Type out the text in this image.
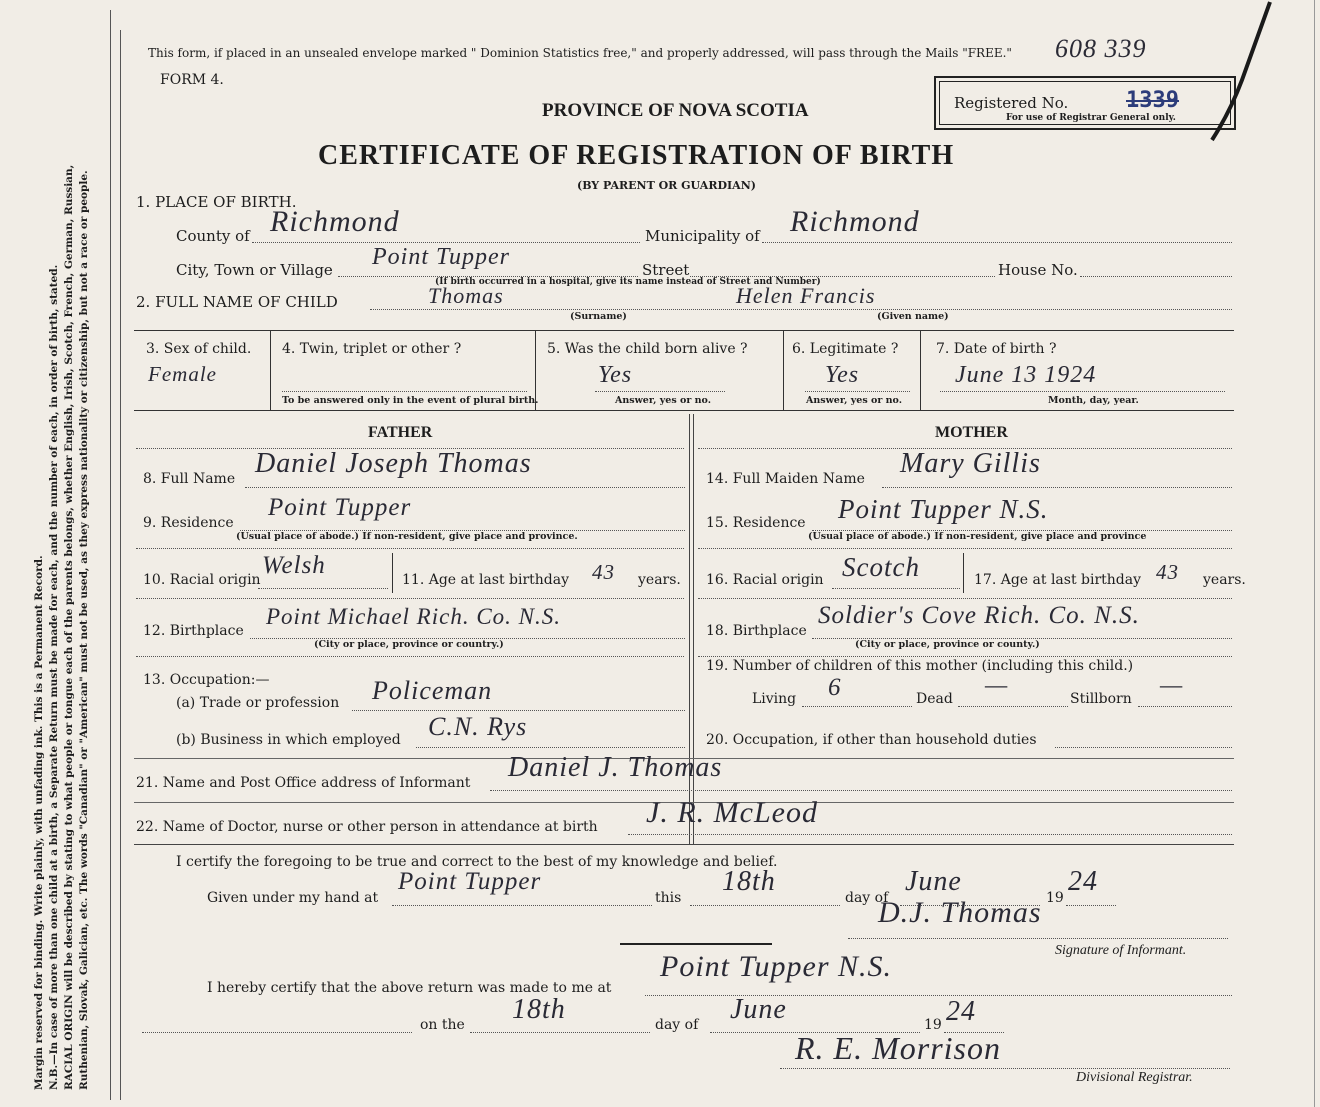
Margin reserved for binding. Write plainly, with unfading ink. This is a Permanent Record. N.B.—In case of more than one child at a birth, a Separate Return must be made for each, and the number of each, in order of birth, stated. RACIAL ORIGIN will be described by stating to what people or tongue each of the parents belongs, whether English, Irish, Scotch, French, German, Russian, Ruthenian, Slovak, Galician, etc. The words "Canadian" or "American" must not be used, as they express nationality or citizenship, but not a race or people.
This form, if placed in an unsealed envelope marked " Dominion Statistics free," and properly addressed, will pass through the Mails "FREE." 608 339
FORM 4.
Registered No.	1339
For use of Registrar General only.
PROVINCE OF NOVA SCOTIA
CERTIFICATE OF REGISTRATION OF BIRTH
(BY PARENT OR GUARDIAN)
1. PLACE OF BIRTH.
County of Richmond	Municipality of Richmond
City, Town or Village Point Tupper	Street	House No.
(If birth occurred in a hospital, give its name instead of Street and Number)
2. FULL NAME OF CHILD	Thomas	Helen Francis
(Surname)	(Given name)
3. Sex of child.
Female
4. Twin, triplet or other ?
To be answered only in the event of plural birth.
5. Was the child born alive ?
Yes
Answer, yes or no.
6. Legitimate ?
Yes
Answer, yes or no.
7. Date of birth ?
June 13 1924
Month, day, year.
FATHER	MOTHER
8. Full Name Daniel Joseph Thomas
9. Residence
Point Tupper
(Usual place of abode.) If non-resident, give place and province.
10. Racial origin
Welsh
11. Age at last birthday 43 years.
12. Birthplace
Point Michael Rich. Co. N.S.
(City or place, province or country.)
13. Occupation:—
(a) Trade or profession Policeman
(b) Business in which employed C.N. Rys
14. Full Maiden Name Mary Gillis
15. Residence Point Tupper N.S.
(Usual place of abode.) If non-resident, give place and province
16. Racial origin Scotch	17. Age at last birthday 43 years.
18. Birthplace
Soldier's Cove Rich. Co. N.S.
(City or place, province or county.)
19. Number of children of this mother (including this child.)
Living 6	Dead —	Stillborn —
20. Occupation, if other than household duties
21. Name and Post Office address of Informant Daniel J. Thomas
22. Name of Doctor, nurse or other person in attendance at birth J. R. McLeod
I certify the foregoing to be true and correct to the best of my knowledge and belief.
Given under my hand at
Point Tupper
this
18th
day of
June
19
24
D.J. Thomas
Signature of Informant.
I hereby certify that the above return was made to me at
Point Tupper N.S.
on the 18th	day of June	19 24
R. E. Morrison
Divisional Registrar.
